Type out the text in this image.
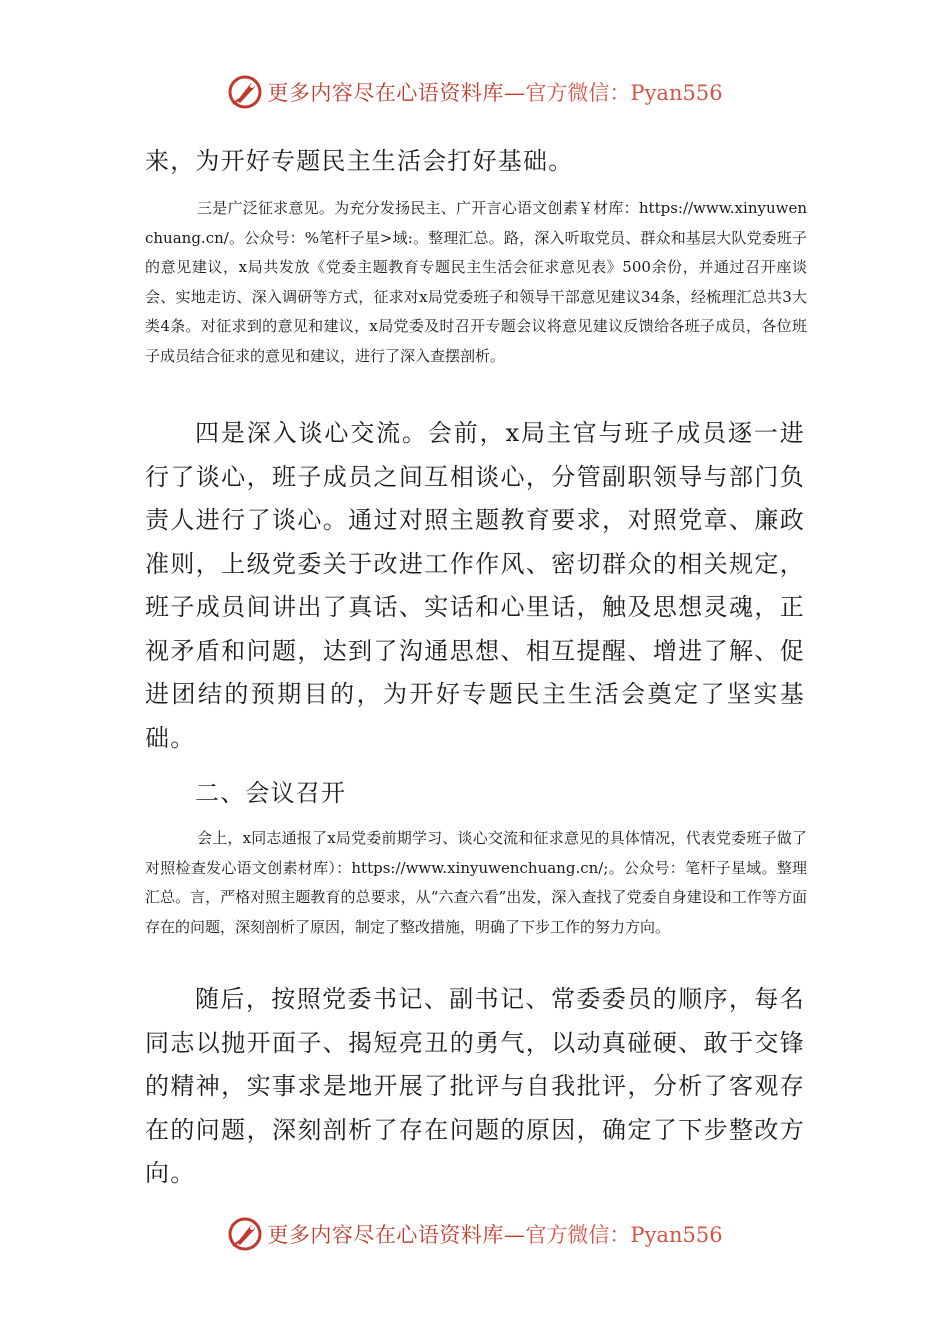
更多内容尽在心语资料库— 官方微信：Pyan556

来，为开好专题民主生活会打好基础。

三是广泛征求意见。为充分发扬民主、广开言心语文创素￥材库：https://www.xinyuwenchuang.cn/。公众号：%笔杆子星>域:。整理汇总。路，深入听取党员、群众和基层大队党委班子的意见建议，x局共发放《党委主题教育专题民主生活会征求意见表》500余份，并通过召开座谈会、实地走访、深入调研等方式，征求对x局党委班子和领导干部意见建议34条，经梳理汇总共3大类4条。对征求到的意见和建议，x局党委及时召开专题会议将意见建议反馈给各班子成员，各位班子成员结合征求的意见和建议，进行了深入查摆剖析。

四是深入谈心交流。会前，x局主官与班子成员逐一进行了谈心，班子成员之间互相谈心，分管副职领导与部门负责人进行了谈心。通过对照主题教育要求，对照党章、廉政准则，上级党委关于改进工作作风、密切群众的相关规定，班子成员间讲出了真话、实话和心里话，触及思想灵魂，正视矛盾和问题，达到了沟通思想、相互提醒、增进了解、促进团结的预期目的，为开好专题民主生活会奠定了坚实基础。

二、会议召开

会上，x同志通报了x局党委前期学习、谈心交流和征求意见的具体情况，代表党委班子做了对照检查发心语文创素材库）：https://www.xinyuwenchuang.cn/;。公众号：笔杆子星域。整理汇总。言，严格对照主题教育的总要求，从“六查六看”出发，深入查找了党委自身建设和工作等方面存在的问题，深刻剖析了原因，制定了整改措施，明确了下步工作的努力方向。

随后，按照党委书记、副书记、常委委员的顺序，每名同志以抛开面子、揭短亮丑的勇气，以动真碰硬、敢于交锋的精神，实事求是地开展了批评与自我批评，分析了客观存在的问题，深刻剖析了存在问题的原因，确定了下步整改方向。

更多内容尽在心语资料库— 官方微信：Pyan556
